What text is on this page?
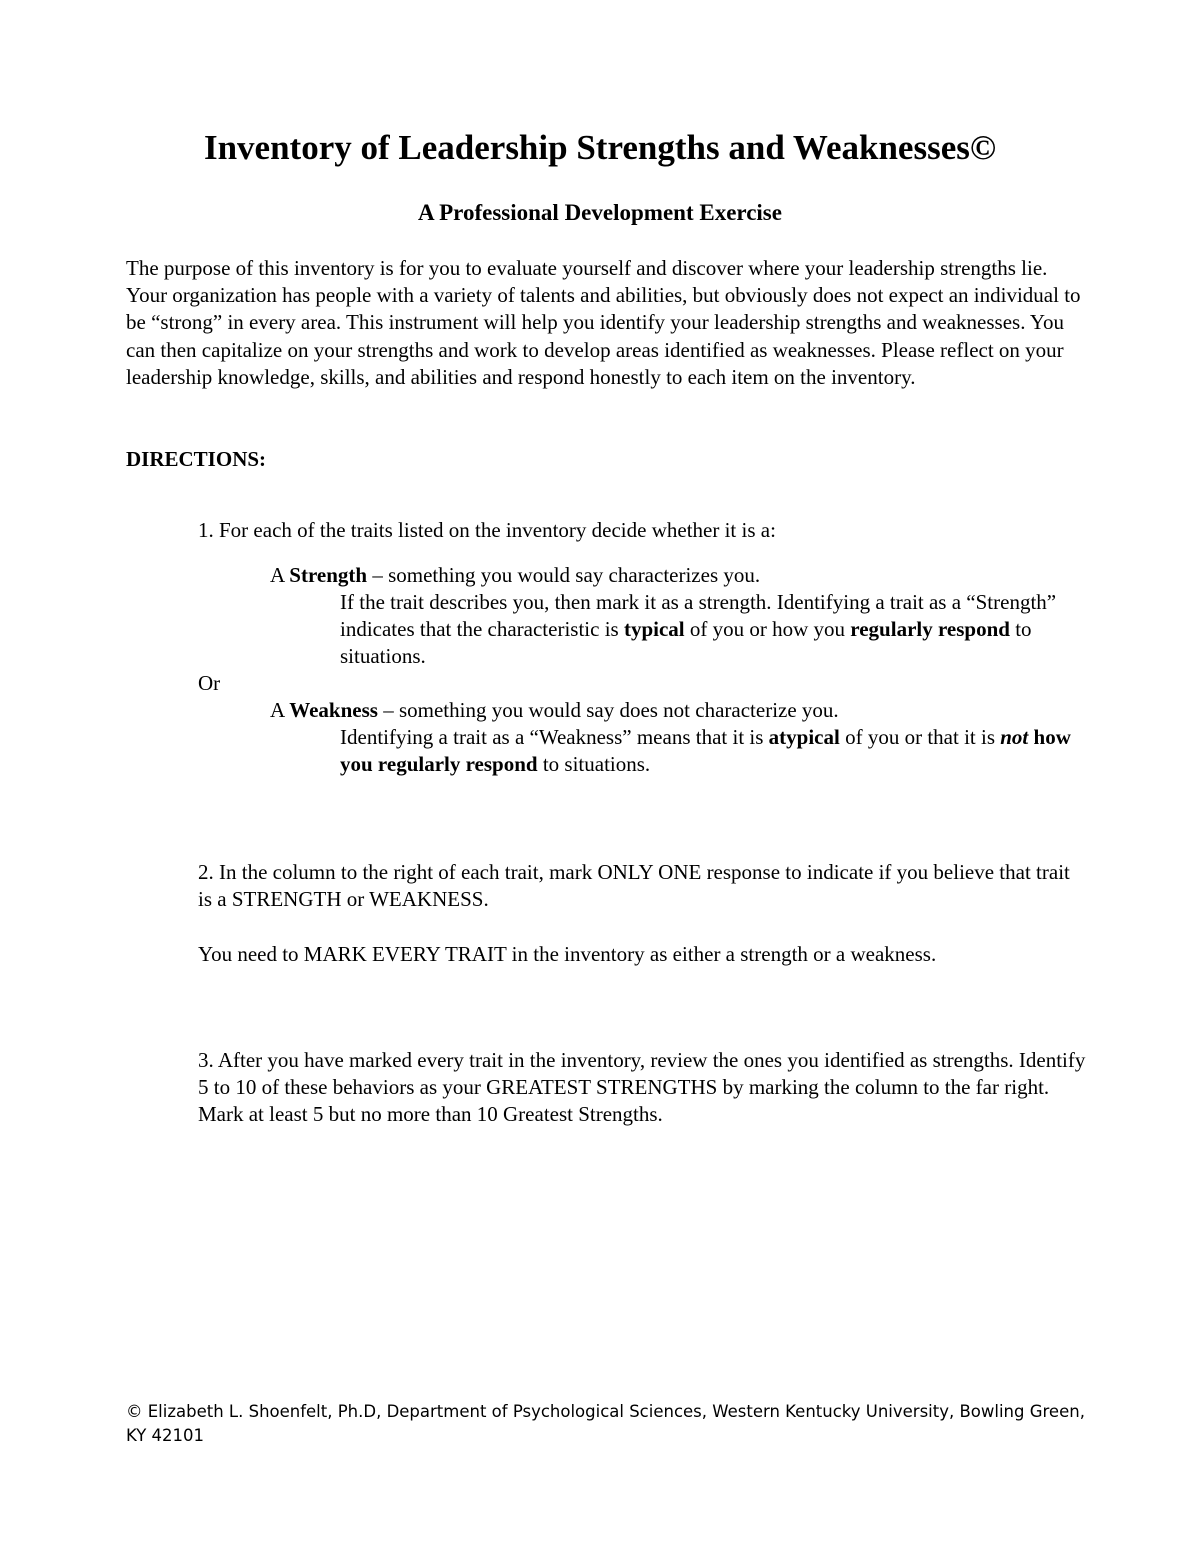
Inventory of Leadership Strengths and Weaknesses©
A Professional Development Exercise

The purpose of this inventory is for you to evaluate yourself and discover where your leadership strengths lie. Your organization has people with a variety of talents and abilities, but obviously does not expect an individual to be “strong” in every area. This instrument will help you identify your leadership strengths and weaknesses. You can then capitalize on your strengths and work to develop areas identified as weaknesses. Please reflect on your leadership knowledge, skills, and abilities and respond honestly to each item on the inventory.

DIRECTIONS:

1. For each of the traits listed on the inventory decide whether it is a:

A Strength – something you would say characterizes you.

If the trait describes you, then mark it as a strength. Identifying a trait as a “Strength” indicates that the characteristic is typical of you or how you regularly respond to situations.

Or

A Weakness – something you would say does not characterize you.

Identifying a trait as a “Weakness” means that it is atypical of you or that it is not how you regularly respond to situations.

2. In the column to the right of each trait, mark ONLY ONE response to indicate if you believe that trait is a STRENGTH or WEAKNESS.

You need to MARK EVERY TRAIT in the inventory as either a strength or a weakness.

3. After you have marked every trait in the inventory, review the ones you identified as strengths. Identify 5 to 10 of these behaviors as your GREATEST STRENGTHS by marking the column to the far right. Mark at least 5 but no more than 10 Greatest Strengths.

© Elizabeth L. Shoenfelt, Ph.D, Department of Psychological Sciences, Western Kentucky University, Bowling Green, KY 42101
